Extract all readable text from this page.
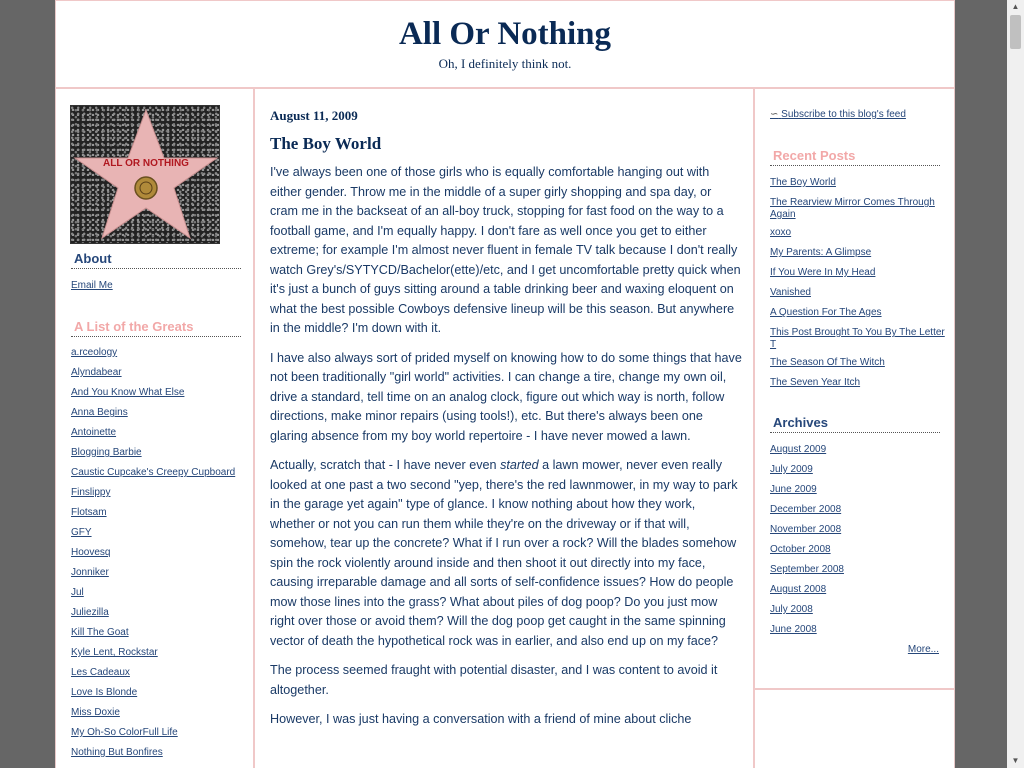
All Or Nothing
Oh, I definitely think not.
ALL OR NOTHING
About
Email Me
A List of the Greats
a.rceology
Alyndabear
And You Know What Else
Anna Begins
Antoinette
Blogging Barbie
Caustic Cupcake's Creepy Cupboard
Finslippy
Flotsam
GFY
Hoovesq
Jonniker
Jul
Juliezilla
Kill The Goat
Kyle Lent, Rockstar
Les Cadeaux
Love Is Blonde
Miss Doxie
My Oh-So ColorFull Life
Nothing But Bonfires
August 11, 2009
The Boy World

I've always been one of those girls who is equally comfortable hanging out with either gender. Throw me in the middle of a super girly shopping and spa day, or cram me in the backseat of an all-boy truck, stopping for fast food on the way to a football game, and I'm equally happy. I don't fare as well once you get to either extreme; for example I'm almost never fluent in female TV talk because I don't really watch Grey's/SYTYCD/Bachelor(ette)/etc, and I get uncomfortable pretty quick when it's just a bunch of guys sitting around a table drinking beer and waxing eloquent on what the best possible Cowboys defensive lineup will be this season. But anywhere in the middle? I'm down with it.

I have also always sort of prided myself on knowing how to do some things that have not been traditionally "girl world" activities. I can change a tire, change my own oil, drive a standard, tell time on an analog clock, figure out which way is north, follow directions, make minor repairs (using tools!), etc. But there's always been one glaring absence from my boy world repertoire - I have never mowed a lawn.

Actually, scratch that - I have never even started a lawn mower, never even really looked at one past a two second "yep, there's the red lawnmower, in my way to park in the garage yet again" type of glance. I know nothing about how they work, whether or not you can run them while they're on the driveway or if that will, somehow, tear up the concrete? What if I run over a rock? Will the blades somehow spin the rock violently around inside and then shoot it out directly into my face, causing irreparable damage and all sorts of self-confidence issues? How do people mow those lines into the grass? What about piles of dog poop? Do you just mow right over those or avoid them? Will the dog poop get caught in the same spinning vector of death the hypothetical rock was in earlier, and also end up on my face?

The process seemed fraught with potential disaster, and I was content to avoid it altogether.

However, I was just having a conversation with a friend of mine about cliche

∽ Subscribe to this blog's feed
Recent Posts
The Boy World
The Rearview Mirror Comes Through Again
xoxo
My Parents: A Glimpse
If You Were In My Head
Vanished
A Question For The Ages
This Post Brought To You By The Letter T
The Season Of The Witch
The Seven Year Itch
Archives
August 2009
July 2009
June 2009
December 2008
November 2008
October 2008
September 2008
August 2008
July 2008
June 2008
More...
▲
▼
